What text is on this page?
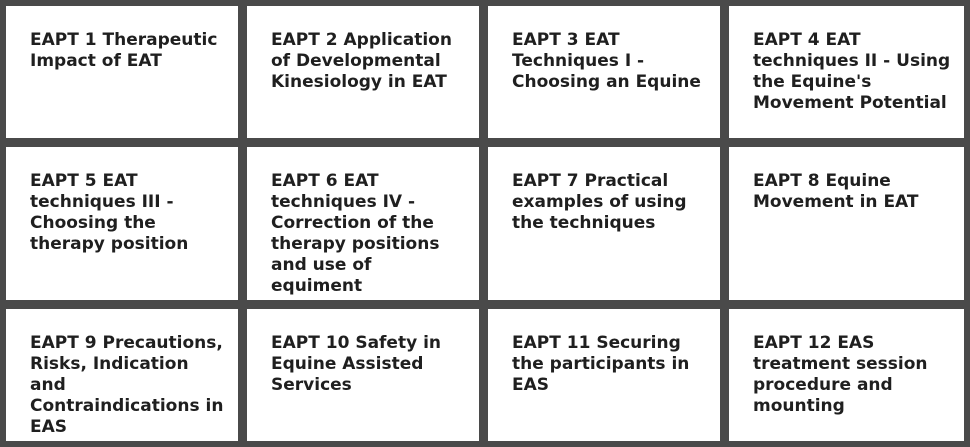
EAPT 1 Therapeutic Impact of EAT
EAPT 2 Application of Developmental Kinesiology in EAT
EAPT 3 EAT Techniques I - Choosing an Equine
EAPT 4 EAT techniques II - Using the Equine's Movement Potential
EAPT 5 EAT techniques III - Choosing the therapy position
EAPT 6 EAT techniques IV - Correction of the therapy positions and use of equiment
EAPT 7 Practical examples of using the techniques
EAPT 8 Equine Movement in EAT
EAPT 9 Precautions, Risks, Indication and Contraindications in EAS
EAPT 10 Safety in Equine Assisted Services
EAPT 11 Securing the participants in EAS
EAPT 12 EAS treatment session procedure and mounting
